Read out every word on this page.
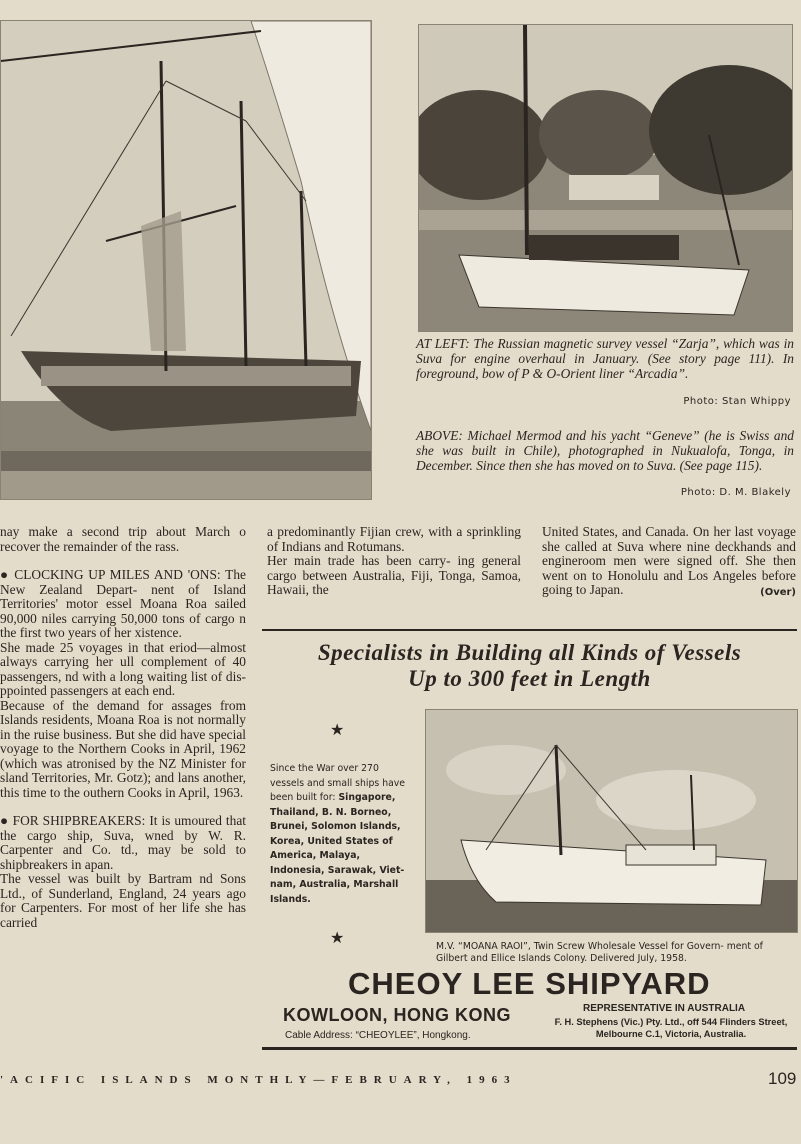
AT LEFT: The Russian magnetic survey vessel “Zarja”, which was in Suva for engine overhaul in January. (See story page 111). In foreground, bow of P & O-Orient liner “Arcadia”.
Photo: Stan Whippy
ABOVE: Michael Mermod and his yacht “Geneve” (he is Swiss and she was built in Chile), photographed in Nukualofa, Tonga, in December. Since then she has moved on to Suva. (See page 115).
Photo: D. M. Blakely

nay make a second trip about March o recover the remainder of the rass.

● CLOCKING UP MILES AND 'ONS: The New Zealand Depart- nent of Island Territories' motor essel Moana Roa sailed 90,000 niles carrying 50,000 tons of cargo n the first two years of her xistence.

She made 25 voyages in that eriod—almost always carrying her ull complement of 40 passengers, nd with a long waiting list of dis- ppointed passengers at each end.

Because of the demand for assages from Islands residents, Moana Roa is not normally in the ruise business. But she did have special voyage to the Northern Cooks in April, 1962 (which was atronised by the NZ Minister for sland Territories, Mr. Gotz); and lans another, this time to the outhern Cooks in April, 1963.

● FOR SHIPBREAKERS: It is umoured that the cargo ship, Suva, wned by W. R. Carpenter and Co. td., may be sold to shipbreakers in apan.

The vessel was built by Bartram nd Sons Ltd., of Sunderland, England, 24 years ago for Carpenters. For most of her life she has carried

a predominantly Fijian crew, with a sprinkling of Indians and Rotumans.

Her main trade has been carry- ing general cargo between Australia, Fiji, Tonga, Samoa, Hawaii, the

United States, and Canada. On her last voyage she called at Suva where nine deckhands and engineroom men were signed off. She then went on to Honolulu and Los Angeles before going to Japan.	(Over)

Specialists in Building all Kinds of Vessels
Up to 300 feet in Length
★
★
Since the War over 270 vessels and small ships have been built for: Singapore, Thailand, B. N. Borneo, Brunei, Solomon Islands, Korea, United States of America, Malaya, Indonesia, Sarawak, Viet- nam, Australia, Marshall Islands.
M.V. “MOANA RAOI”, Twin Screw Wholesale Vessel for Govern- ment of Gilbert and Ellice Islands Colony. Delivered July, 1958.
CHEOY LEE SHIPYARD
KOWLOON, HONG KONG
Cable Address: “CHEOYLEE”, Hongkong.
REPRESENTATIVE IN AUSTRALIA
F. H. Stephens (Vic.) Pty. Ltd., off 544 Flinders Street, Melbourne C.1, Victoria, Australia.
'ACIFIC ISLANDS MONTHLY—FEBRUARY, 1963	109
